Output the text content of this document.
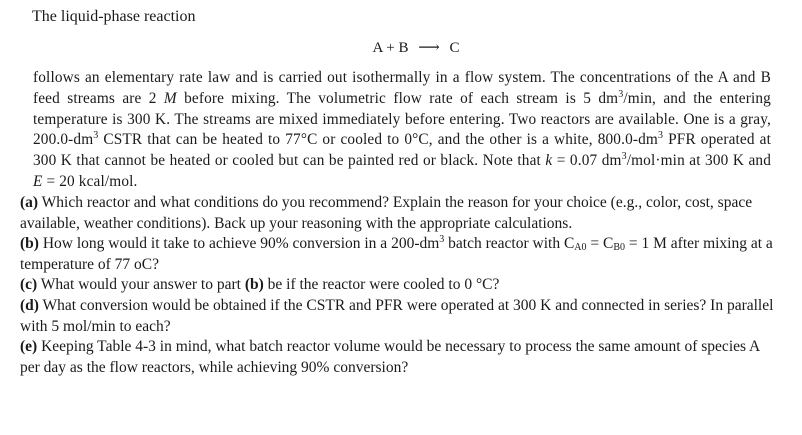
The liquid-phase reaction
A + B ⟶ C
follows an elementary rate law and is carried out isothermally in a flow system. The concentrations of the A and B feed streams are 2 M before mixing. The volumetric flow rate of each stream is 5 $dm^3/\min$, and the entering temperature is 300 K. The streams are mixed immediately before entering. Two reactors are available. One is a gray, $200.0-dm^3$ CSTR that can be heated to 77°C or cooled to 0°C, and the other is a white, $800.0-dm^3$ PFR operated at 300 K that cannot be heated or cooled but can be painted red or black. Note that k = 0.07 $dm^3/mol\cdot\min$ at 300 K and E = 20 kcal/mol.

(a) Which reactor and what conditions do you recommend? Explain the reason for your choice (e.g., color, cost, space available, weather conditions). Back up your reasoning with the appropriate calculations.

(b) How long would it take to achieve 90% conversion in a $200-dm^3$ batch reactor with $C_{A0} = C_{B0} = 1$ M after mixing at a temperature of 77 oC?

(c) What would your answer to part (b) be if the reactor were cooled to 0 °C?

(d) What conversion would be obtained if the CSTR and PFR were operated at 300 K and connected in series? In parallel with 5 mol/min to each?

(e) Keeping Table 4-3 in mind, what batch reactor volume would be necessary to process the same amount of species A per day as the flow reactors, while achieving 90% conversion?
